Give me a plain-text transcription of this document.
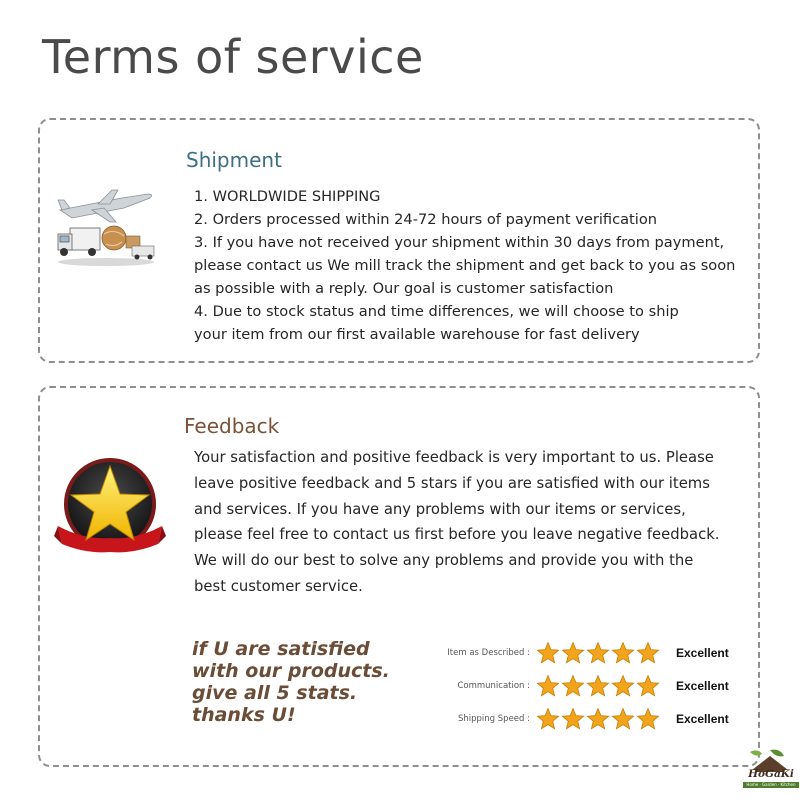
Terms of service
Shipment
1. WORLDWIDE SHIPPING
2. Orders processed within 24-72 hours of payment verification
3. If you have not received your shipment within 30 days from payment,
please contact us We mill track the shipment and get back to you as soon
as possible with a reply. Our goal is customer satisfaction
4. Due to stock status and time differences, we will choose to ship
your item from our first available warehouse for fast delivery
Feedback
Your satisfaction and positive feedback is very important to us. Please
leave positive feedback and 5 stars if you are satisfied with our items
and services. If you have any problems with our items or services,
please feel free to contact us first before you leave negative feedback.
We will do our best to solve any problems and provide you with the
best customer service.
if U are satisfied
with our products.
give all 5 stats.
thanks U!
Item as Described :	Excellent
Communication :	Excellent
Shipping Speed :	Excellent
HoGaKi
Home · Garden · Kitchen
